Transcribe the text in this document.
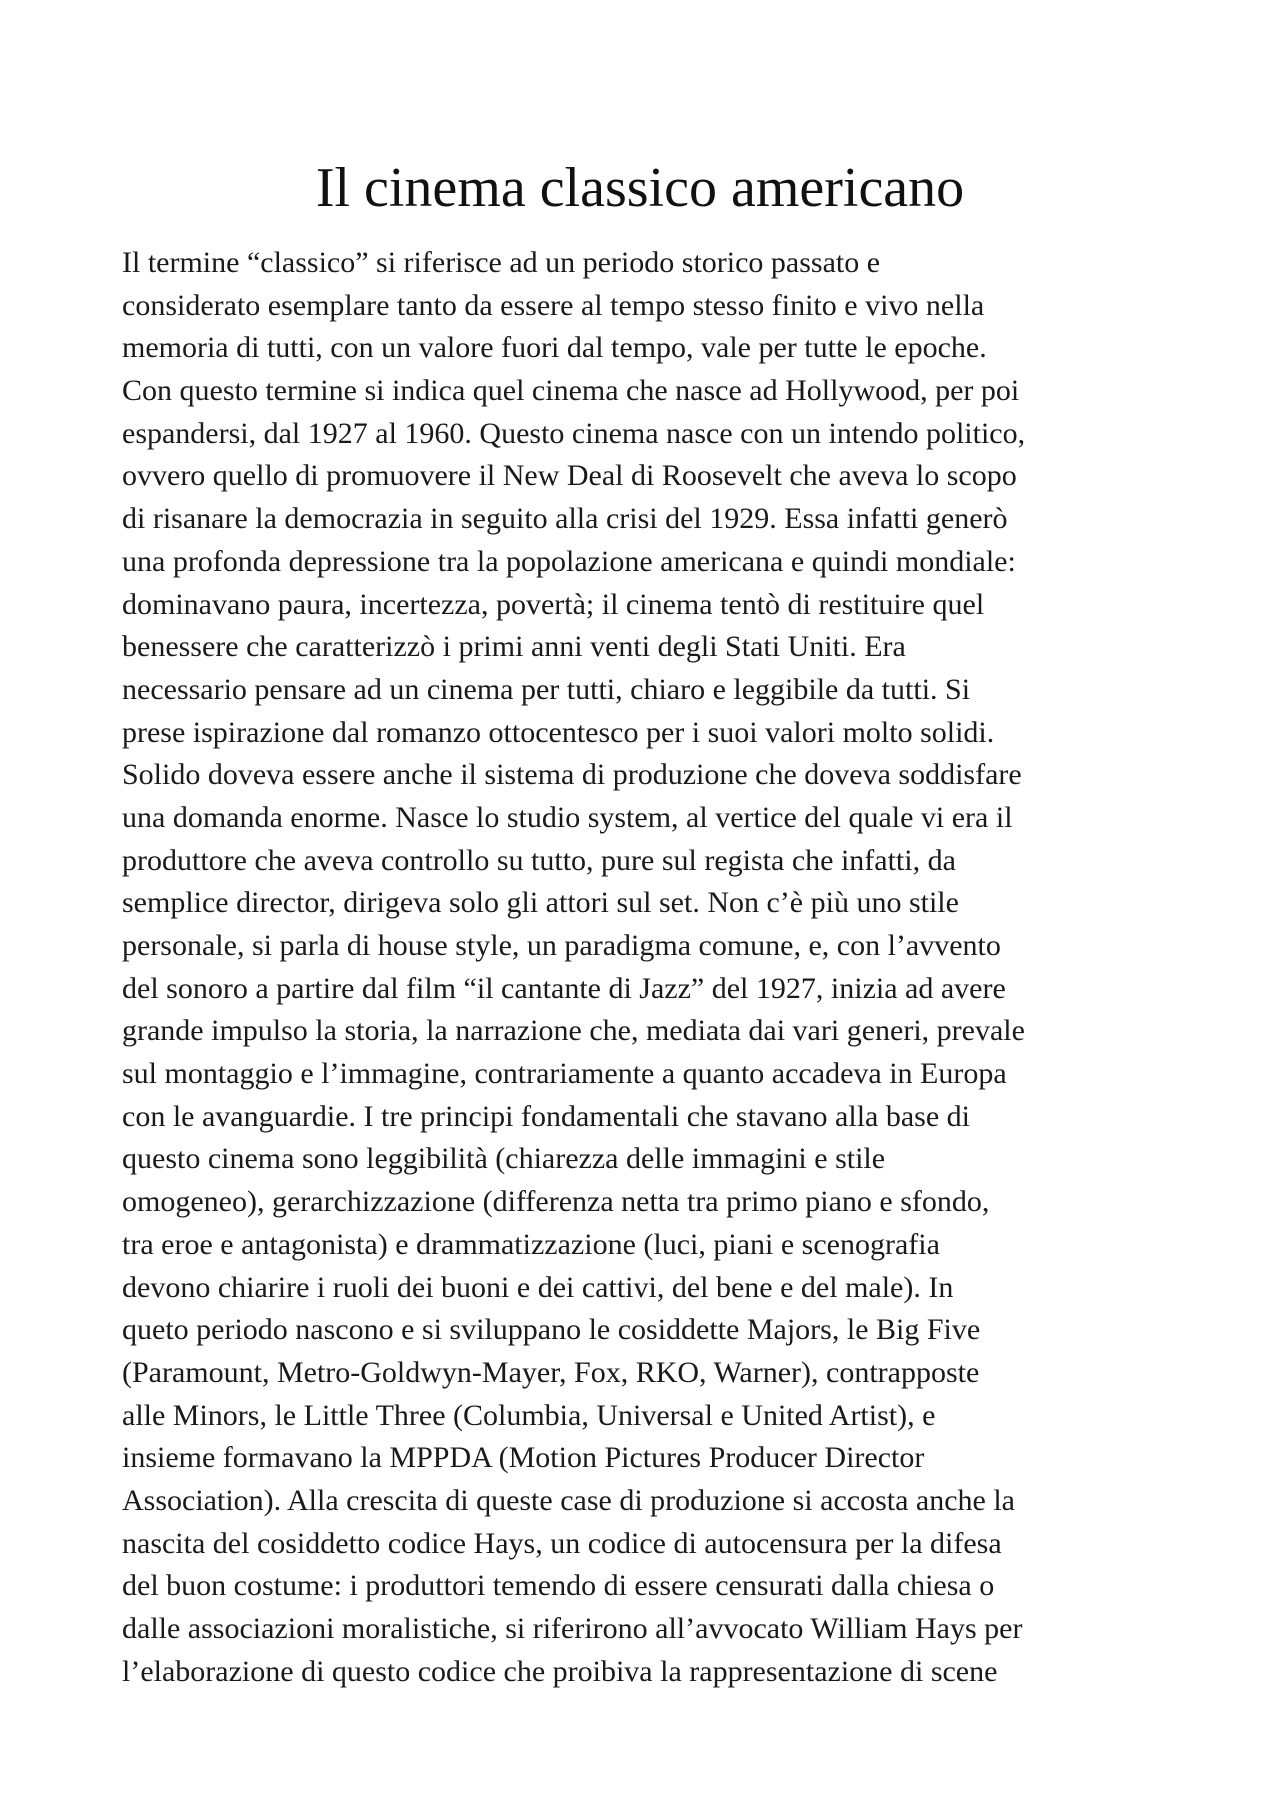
Il cinema classico americano
Il termine “classico” si riferisce ad un periodo storico passato e
considerato esemplare tanto da essere al tempo stesso finito e vivo nella
memoria di tutti, con un valore fuori dal tempo, vale per tutte le epoche.
Con questo termine si indica quel cinema che nasce ad Hollywood, per poi
espandersi, dal 1927 al 1960. Questo cinema nasce con un intendo politico,
ovvero quello di promuovere il New Deal di Roosevelt che aveva lo scopo
di risanare la democrazia in seguito alla crisi del 1929. Essa infatti generò
una profonda depressione tra la popolazione americana e quindi mondiale:
dominavano paura, incertezza, povertà; il cinema tentò di restituire quel
benessere che caratterizzò i primi anni venti degli Stati Uniti. Era
necessario pensare ad un cinema per tutti, chiaro e leggibile da tutti. Si
prese ispirazione dal romanzo ottocentesco per i suoi valori molto solidi.
Solido doveva essere anche il sistema di produzione che doveva soddisfare
una domanda enorme. Nasce lo studio system, al vertice del quale vi era il
produttore che aveva controllo su tutto, pure sul regista che infatti, da
semplice director, dirigeva solo gli attori sul set. Non c’è più uno stile
personale, si parla di house style, un paradigma comune, e, con l’avvento
del sonoro a partire dal film “il cantante di Jazz” del 1927, inizia ad avere
grande impulso la storia, la narrazione che, mediata dai vari generi, prevale
sul montaggio e l’immagine, contrariamente a quanto accadeva in Europa
con le avanguardie. I tre principi fondamentali che stavano alla base di
questo cinema sono leggibilità (chiarezza delle immagini e stile
omogeneo), gerarchizzazione (differenza netta tra primo piano e sfondo,
tra eroe e antagonista) e drammatizzazione (luci, piani e scenografia
devono chiarire i ruoli dei buoni e dei cattivi, del bene e del male). In
queto periodo nascono e si sviluppano le cosiddette Majors, le Big Five
(Paramount, Metro-Goldwyn-Mayer, Fox, RKO, Warner), contrapposte
alle Minors, le Little Three (Columbia, Universal e United Artist), e
insieme formavano la MPPDA (Motion Pictures Producer Director
Association). Alla crescita di queste case di produzione si accosta anche la
nascita del cosiddetto codice Hays, un codice di autocensura per la difesa
del buon costume: i produttori temendo di essere censurati dalla chiesa o
dalle associazioni moralistiche, si riferirono all’avvocato William Hays per
l’elaborazione di questo codice che proibiva la rappresentazione di scene
